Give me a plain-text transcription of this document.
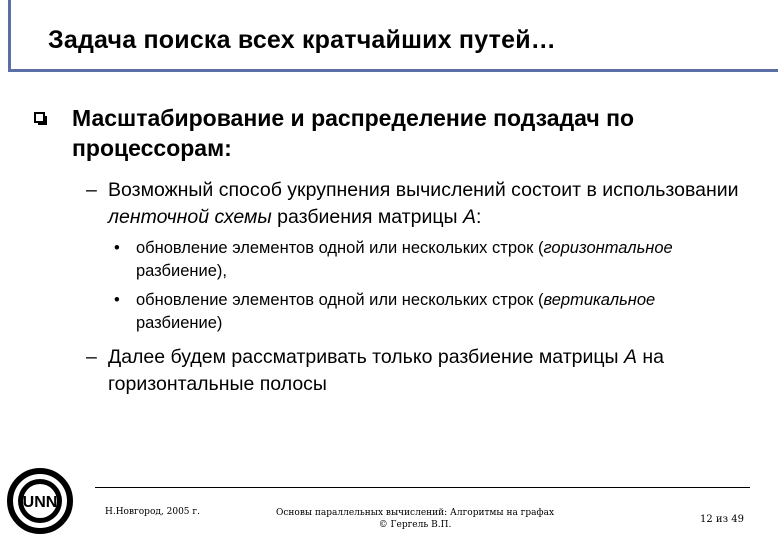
Задача поиска всех кратчайших путей…
Масштабирование и распределение подзадач по процессорам:
– Возможный способ укрупнения вычислений состоит в использовании ленточной схемы разбиения матрицы А:
• обновление элементов одной или нескольких строк (горизонтальное разбиение),
• обновление элементов одной или нескольких строк (вертикальное разбиение)
– Далее будем рассматривать только разбиение матрицы А на горизонтальные полосы
UNN
Н.Новгород, 2005 г.	Основы параллельных вычислений: Алгоритмы на графах
© Гергель В.П.	12 из 49
